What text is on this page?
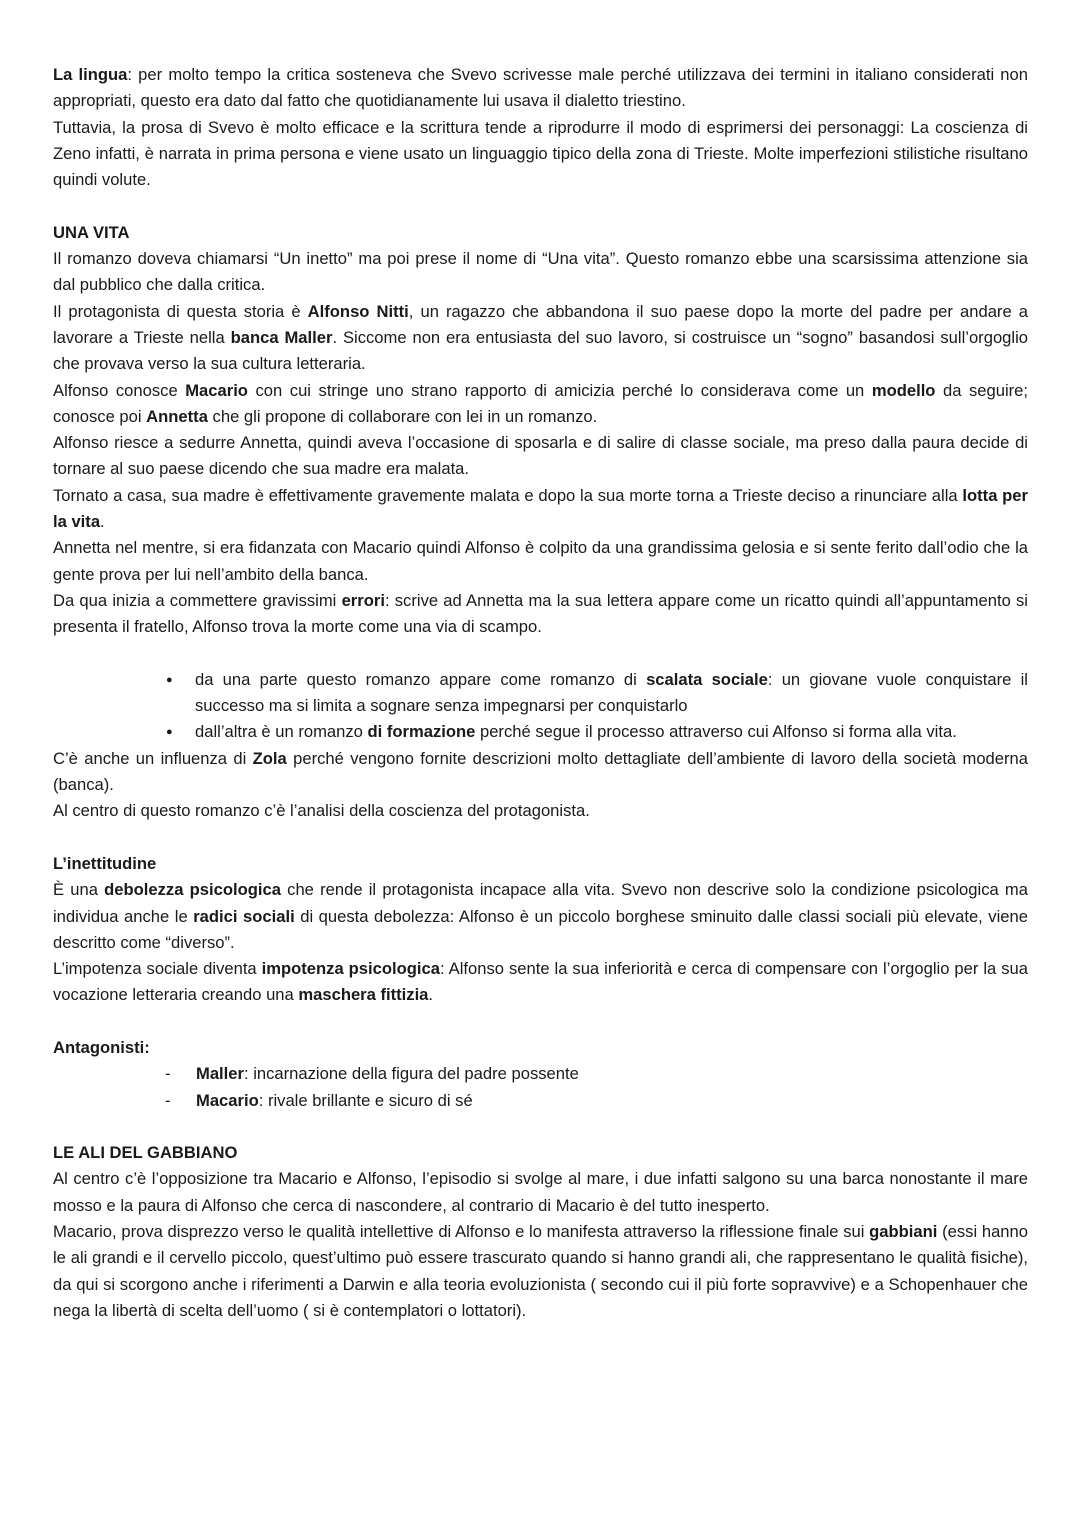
La lingua: per molto tempo la critica sosteneva che Svevo scrivesse male perché utilizzava dei termini in italiano considerati non appropriati, questo era dato dal fatto che quotidianamente lui usava il dialetto triestino.

Tuttavia, la prosa di Svevo è molto efficace e la scrittura tende a riprodurre il modo di esprimersi dei personaggi: La coscienza di Zeno infatti, è narrata in prima persona e viene usato un linguaggio tipico della zona di Trieste. Molte imperfezioni stilistiche risultano quindi volute.

UNA VITA

Il romanzo doveva chiamarsi “Un inetto” ma poi prese il nome di “Una vita”. Questo romanzo ebbe una scarsissima attenzione sia dal pubblico che dalla critica.

Il protagonista di questa storia è Alfonso Nitti, un ragazzo che abbandona il suo paese dopo la morte del padre per andare a lavorare a Trieste nella banca Maller. Siccome non era entusiasta del suo lavoro, si costruisce un “sogno” basandosi sull’orgoglio che provava verso la sua cultura letteraria.

Alfonso conosce Macario con cui stringe uno strano rapporto di amicizia perché lo considerava come un modello da seguire; conosce poi Annetta che gli propone di collaborare con lei in un romanzo.

Alfonso riesce a sedurre Annetta, quindi aveva l’occasione di sposarla e di salire di classe sociale, ma preso dalla paura decide di tornare al suo paese dicendo che sua madre era malata.

Tornato a casa, sua madre è effettivamente gravemente malata e dopo la sua morte torna a Trieste deciso a rinunciare alla lotta per la vita.

Annetta nel mentre, si era fidanzata con Macario quindi Alfonso è colpito da una grandissima gelosia e si sente ferito dall’odio che la gente prova per lui nell’ambito della banca.

Da qua inizia a commettere gravissimi errori: scrive ad Annetta ma la sua lettera appare come un ricatto quindi all’appuntamento si presenta il fratello, Alfonso trova la morte come una via di scampo.

● da una parte questo romanzo appare come romanzo di scalata sociale: un giovane vuole conquistare il successo ma si limita a sognare senza impegnarsi per conquistarlo
● dall’altra è un romanzo di formazione perché segue il processo attraverso cui Alfonso si forma alla vita.

C’è anche un influenza di Zola perché vengono fornite descrizioni molto dettagliate dell’ambiente di lavoro della società moderna (banca).

Al centro di questo romanzo c’è l’analisi della coscienza del protagonista.

L’inettitudine

È una debolezza psicologica che rende il protagonista incapace alla vita. Svevo non descrive solo la condizione psicologica ma individua anche le radici sociali di questa debolezza: Alfonso è un piccolo borghese sminuito dalle classi sociali più elevate, viene descritto come “diverso”.

L’impotenza sociale diventa impotenza psicologica: Alfonso sente la sua inferiorità e cerca di compensare con l’orgoglio per la sua vocazione letteraria creando una maschera fittizia.

Antagonisti:

- Maller: incarnazione della figura del padre possente
- Macario: rivale brillante e sicuro di sé

LE ALI DEL GABBIANO

Al centro c’è l’opposizione tra Macario e Alfonso, l’episodio si svolge al mare, i due infatti salgono su una barca nonostante il mare mosso e la paura di Alfonso che cerca di nascondere, al contrario di Macario è del tutto inesperto.

Macario, prova disprezzo verso le qualità intellettive di Alfonso e lo manifesta attraverso la riflessione finale sui gabbiani (essi hanno le ali grandi e il cervello piccolo, quest’ultimo può essere trascurato quando si hanno grandi ali, che rappresentano le qualità fisiche), da qui si scorgono anche i riferimenti a Darwin e alla teoria evoluzionista ( secondo cui il più forte sopravvive) e a Schopenhauer che nega la libertà di scelta dell’uomo ( si è contemplatori o lottatori).
